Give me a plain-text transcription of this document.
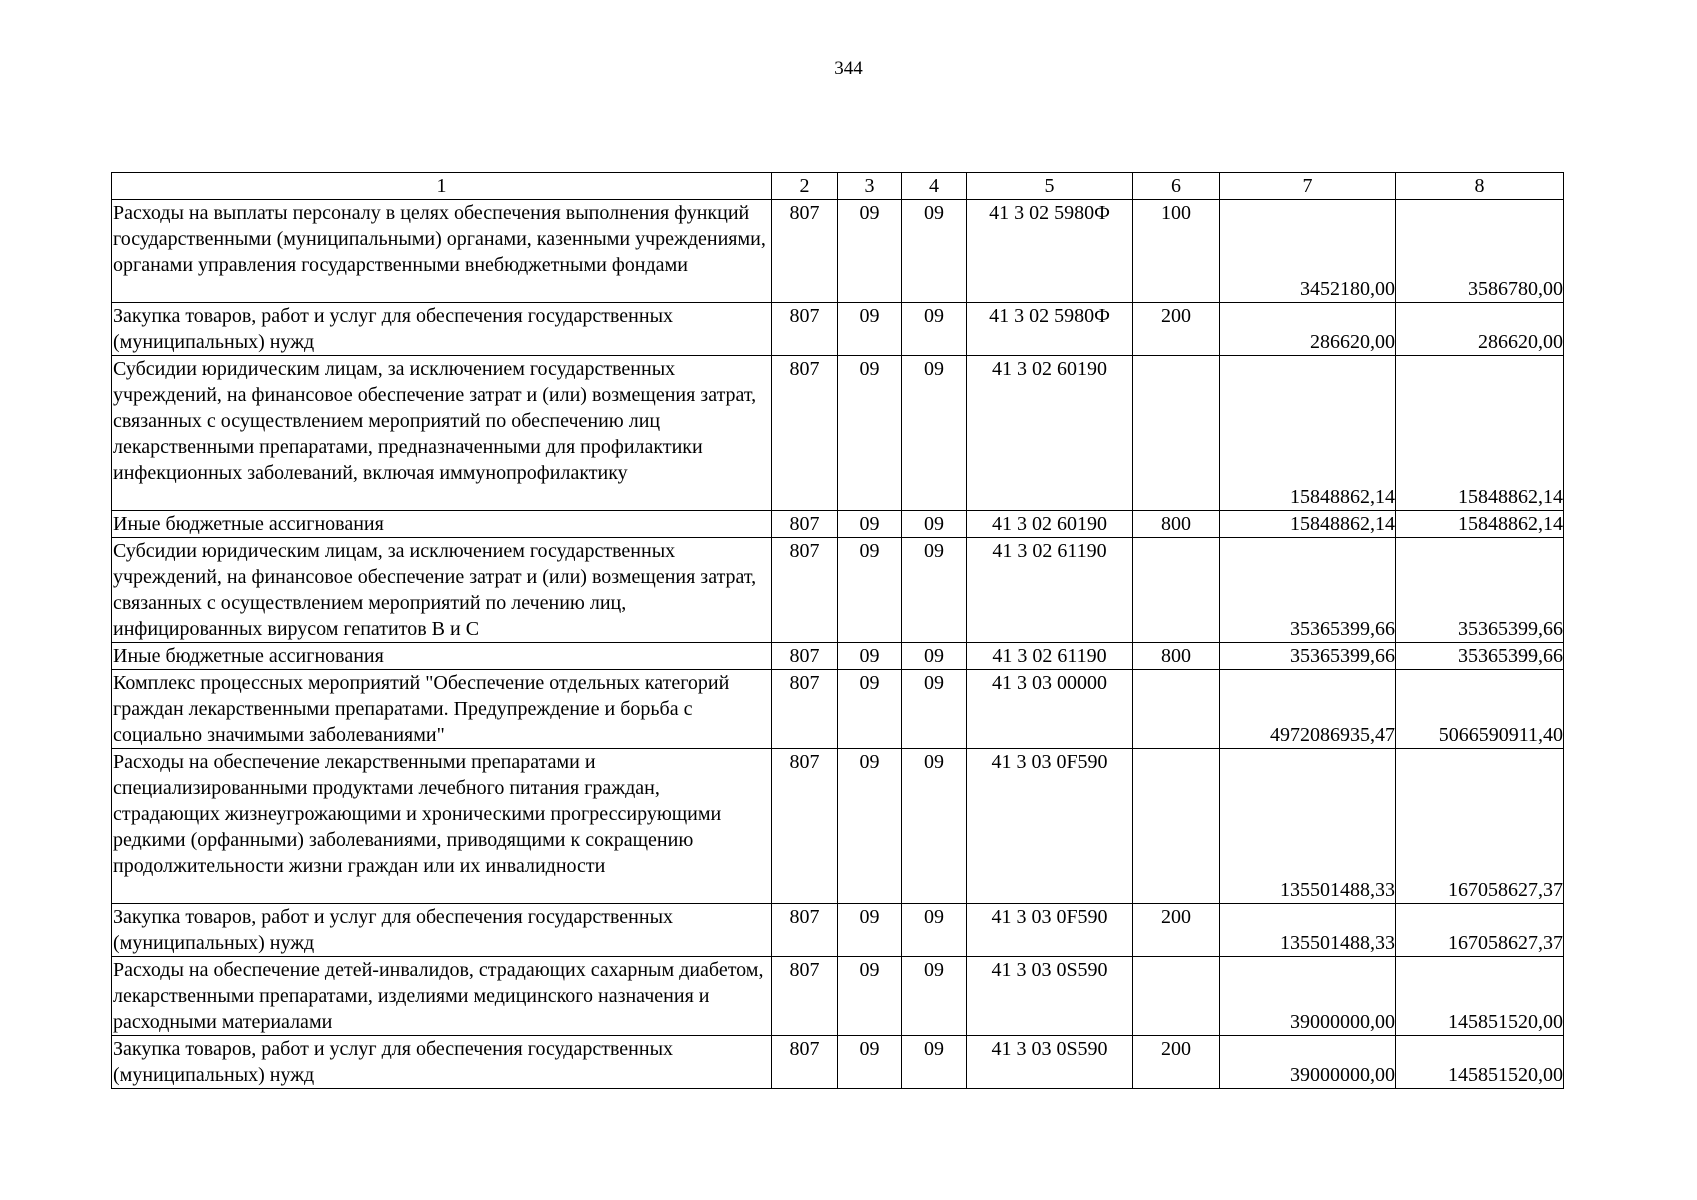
344
1	2	3	4	5	6	7	8
Расходы на выплаты персоналу в целях обеспечения выполнения функций государственными (муниципальными) органами, казенными учреждениями, органами управления государственными внебюджетными фондами	807	09	09	41 3 02 5980Ф	100	3452180,00	3586780,00
Закупка товаров, работ и услуг для обеспечения государственных (муниципальных) нужд	807	09	09	41 3 02 5980Ф	200	286620,00	286620,00
Субсидии юридическим лицам, за исключением государственных учреждений, на финансовое обеспечение затрат и (или) возмещения затрат, связанных с осуществлением мероприятий по обеспечению лиц лекарственными препаратами, предназначенными для профилактики инфекционных заболеваний, включая иммунопрофилактику	807	09	09	41 3 02 60190		15848862,14	15848862,14
Иные бюджетные ассигнования	807	09	09	41 3 02 60190	800	15848862,14	15848862,14
Субсидии юридическим лицам, за исключением государственных учреждений, на финансовое обеспечение затрат и (или) возмещения затрат, связанных с осуществлением мероприятий по лечению лиц, инфицированных вирусом гепатитов В и С	807	09	09	41 3 02 61190		35365399,66	35365399,66
Иные бюджетные ассигнования	807	09	09	41 3 02 61190	800	35365399,66	35365399,66
Комплекс процессных мероприятий "Обеспечение отдельных категорий граждан лекарственными препаратами. Предупреждение и борьба с социально значимыми заболеваниями"	807	09	09	41 3 03 00000		4972086935,47	5066590911,40
Расходы на обеспечение лекарственными препаратами и специализированными продуктами лечебного питания граждан, страдающих жизнеугрожающими и хроническими прогрессирующими редкими (орфанными) заболеваниями, приводящими к сокращению продолжительности жизни граждан или их инвалидности	807	09	09	41 3 03 0F590		135501488,33	167058627,37
Закупка товаров, работ и услуг для обеспечения государственных (муниципальных) нужд	807	09	09	41 3 03 0F590	200	135501488,33	167058627,37
Расходы на обеспечение детей-инвалидов, страдающих сахарным диабетом, лекарственными препаратами, изделиями медицинского назначения и расходными материалами	807	09	09	41 3 03 0S590		39000000,00	145851520,00
Закупка товаров, работ и услуг для обеспечения государственных (муниципальных) нужд	807	09	09	41 3 03 0S590	200	39000000,00	145851520,00
